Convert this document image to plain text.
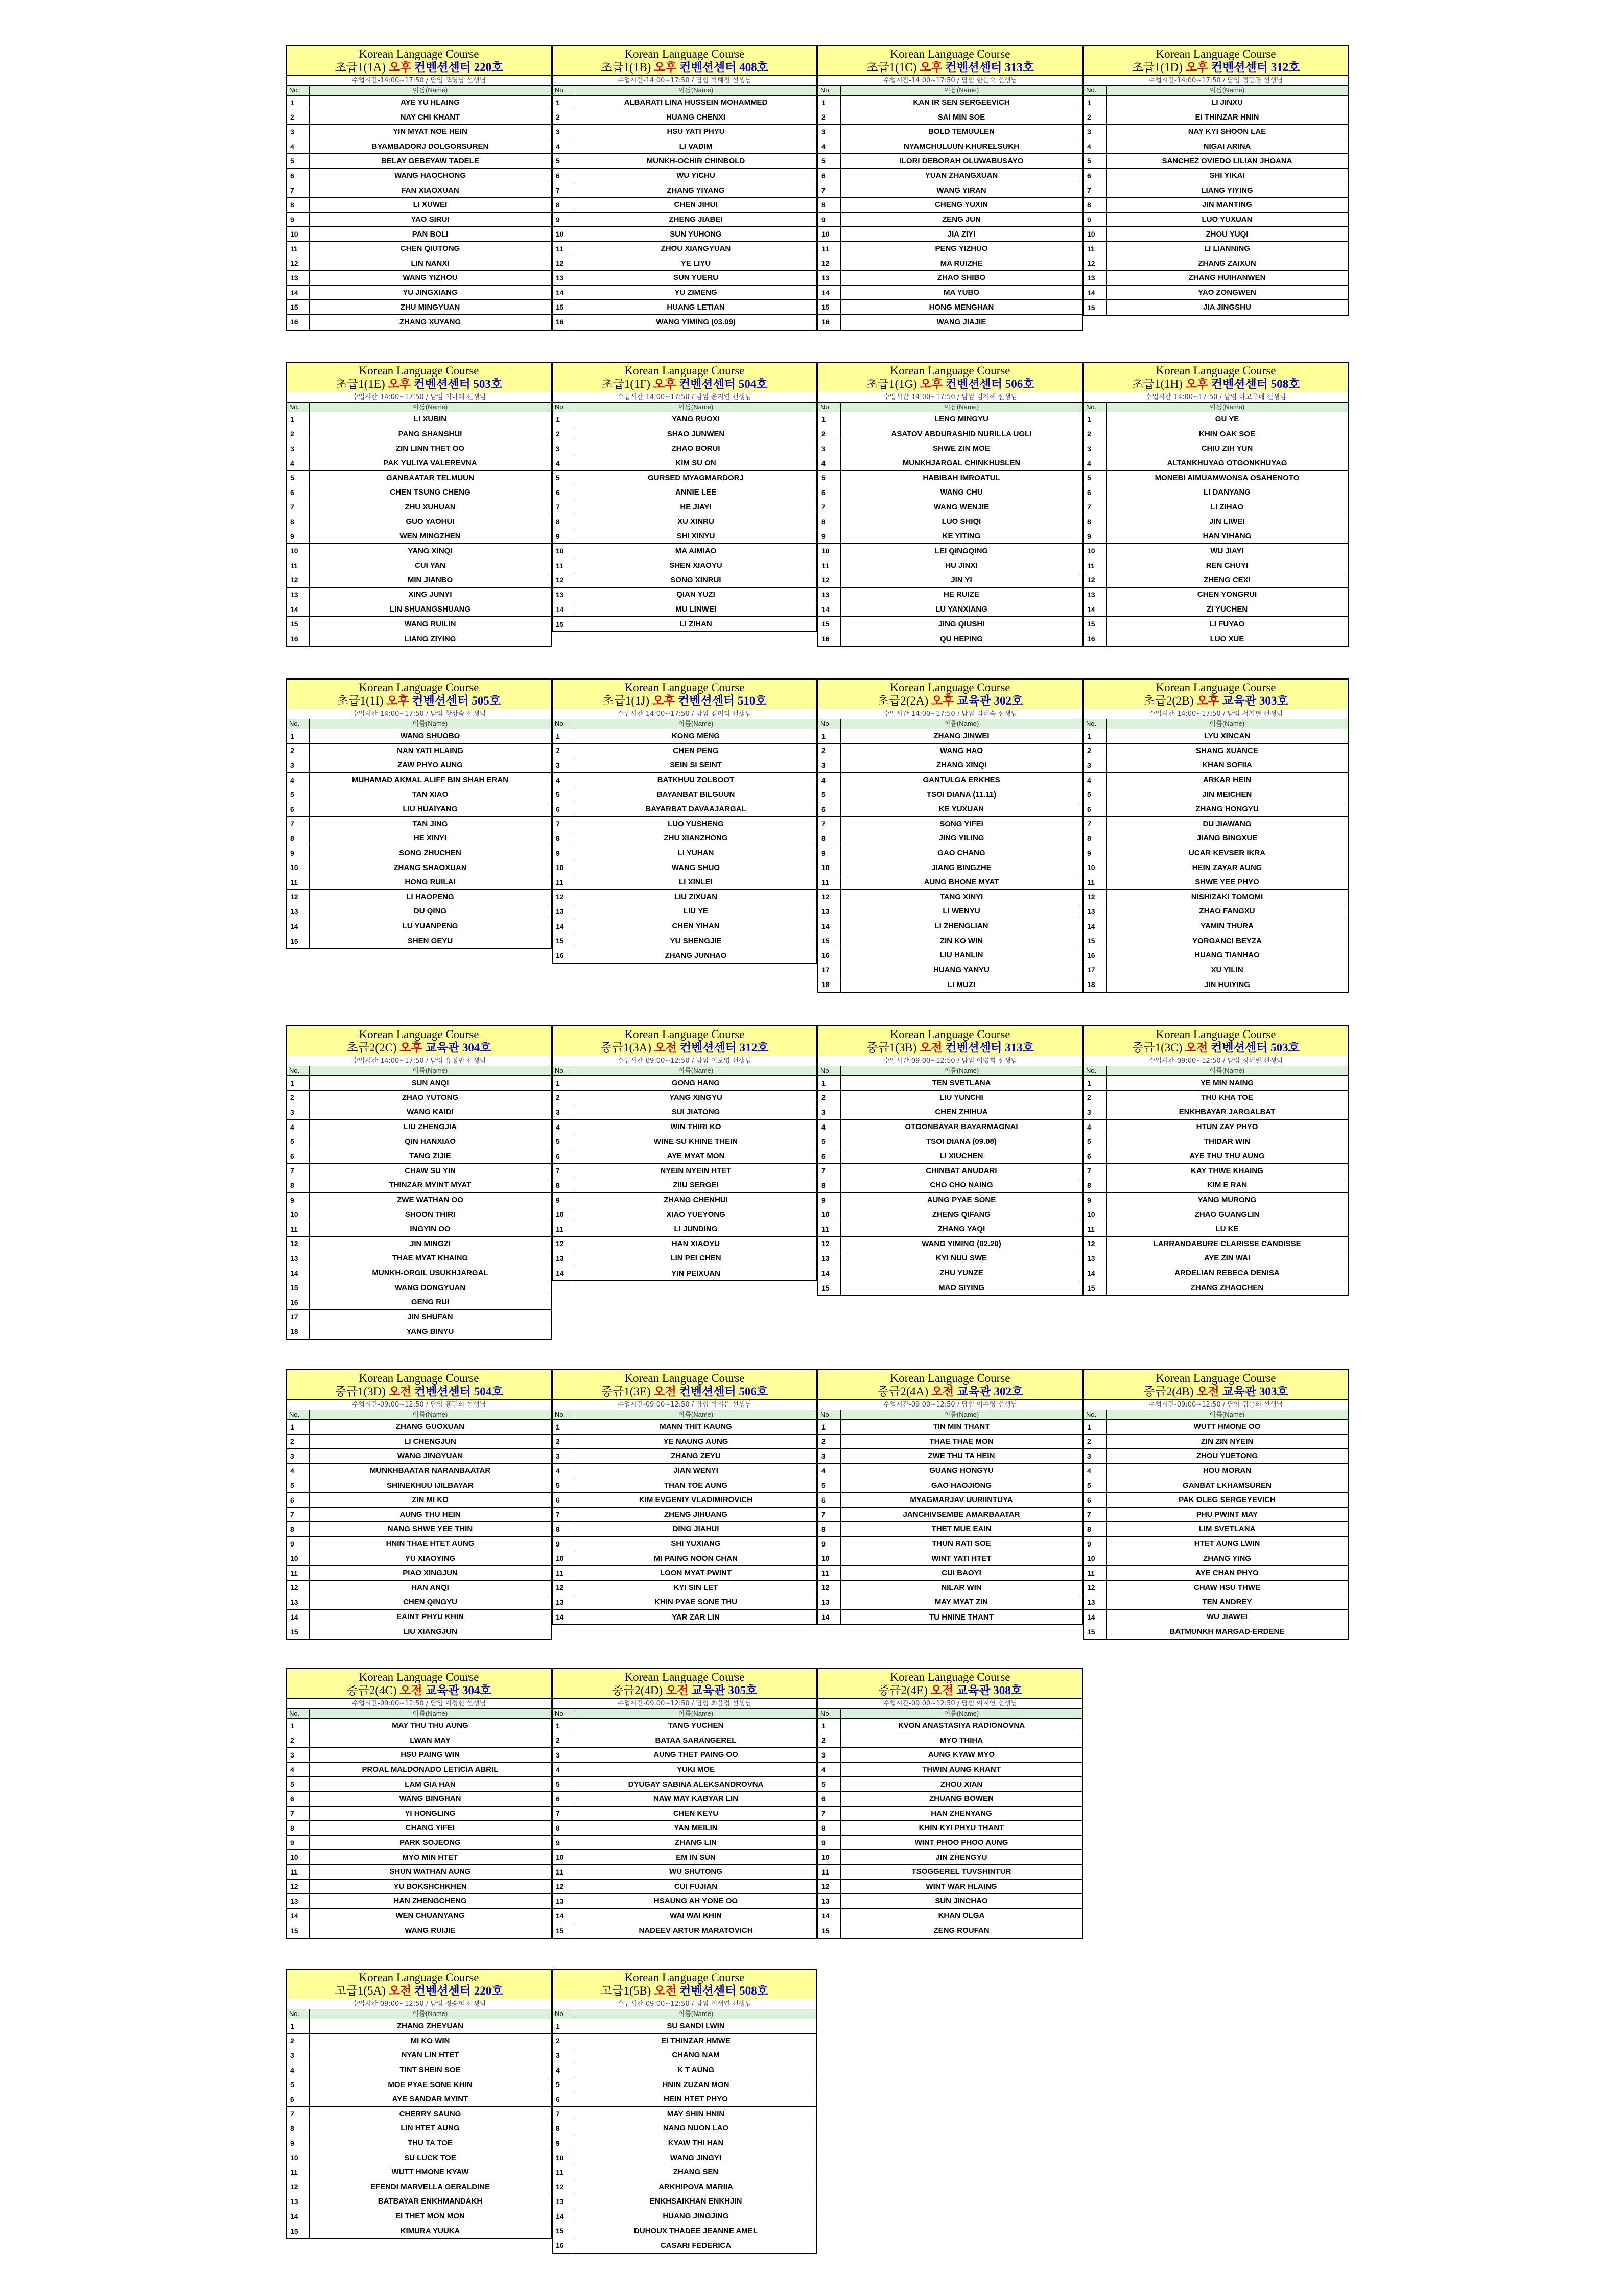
Korean Language Course
초급1(1A) 오후 컨벤션센터 220호
수업시간-14:00~17:50 / 담임 조영남 선생님
No.	이름(Name)
1	AYE YU HLAING
2	NAY CHI KHANT
3	YIN MYAT NOE HEIN
4	BYAMBADORJ DOLGORSUREN
5	BELAY GEBEYAW TADELE
6	WANG HAOCHONG
7	FAN XIAOXUAN
8	LI XUWEI
9	YAO SIRUI
10	PAN BOLI
11	CHEN QIUTONG
12	LIN NANXI
13	WANG YIZHOU
14	YU JINGXIANG
15	ZHU MINGYUAN
16	ZHANG XUYANG
Korean Language Course
초급1(1B) 오후 컨벤션센터 408호
수업시간-14:00~17:50 / 담임 박혜진 선생님
No.	이름(Name)
1	ALBARATI LINA HUSSEIN MOHAMMED
2	HUANG CHENXI
3	HSU YATI PHYU
4	LI VADIM
5	MUNKH-OCHIR CHINBOLD
6	WU YICHU
7	ZHANG YIYANG
8	CHEN JIHUI
9	ZHENG JIABEI
10	SUN YUHONG
11	ZHOU XIANGYUAN
12	YE LIYU
13	SUN YUERU
14	YU ZIMENG
15	HUANG LETIAN
16	WANG YIMING (03.09)
Korean Language Course
초급1(1C) 오후 컨벤션센터 313호
수업시간-14:00~17:50 / 담임 한은숙 선생님
No.	이름(Name)
1	KAN IR SEN SERGEEVICH
2	SAI MIN SOE
3	BOLD TEMUULEN
4	NYAMCHULUUN KHURELSUKH
5	ILORI DEBORAH OLUWABUSAYO
6	YUAN ZHANGXUAN
7	WANG YIRAN
8	CHENG YUXIN
9	ZENG JUN
10	JIA ZIYI
11	PENG YIZHUO
12	MA RUIZHE
13	ZHAO SHIBO
14	MA YUBO
15	HONG MENGHAN
16	WANG JIAJIE
Korean Language Course
초급1(1D) 오후 컨벤션센터 312호
수업시간-14:00~17:50 / 담임 정민경 선생님
No.	이름(Name)
1	LI JINXU
2	EI THINZAR HNIN
3	NAY KYI SHOON LAE
4	NIGAI ARINA
5	SANCHEZ OVIEDO LILIAN JHOANA
6	SHI YIKAI
7	LIANG YIYING
8	JIN MANTING
9	LUO YUXUAN
10	ZHOU YUQI
11	LI LIANNING
12	ZHANG ZAIXUN
13	ZHANG HUIHANWEN
14	YAO ZONGWEN
15	JIA JINGSHU
Korean Language Course
초급1(1E) 오후 컨벤션센터 503호
수업시간-14:00~17:50 / 담임 이나래 선생님
No.	이름(Name)
1	LI XUBIN
2	PANG SHANSHUI
3	ZIN LINN THET OO
4	PAK YULIYA VALEREVNA
5	GANBAATAR TELMUUN
6	CHEN TSUNG CHENG
7	ZHU XUHUAN
8	GUO YAOHUI
9	WEN MINGZHEN
10	YANG XINQI
11	CUI YAN
12	MIN JIANBO
13	XING JUNYI
14	LIN SHUANGSHUANG
15	WANG RUILIN
16	LIANG ZIYING
Korean Language Course
초급1(1F) 오후 컨벤션센터 504호
수업시간-14:00~17:50 / 담임 윤지연 선생님
No.	이름(Name)
1	YANG RUOXI
2	SHAO JUNWEN
3	ZHAO BORUI
4	KIM SU ON
5	GURSED MYAGMARDORJ
6	ANNIE LEE
7	HE JIAYI
8	XU XINRU
9	SHI XINYU
10	MA AIMIAO
11	SHEN XIAOYU
12	SONG XINRUI
13	QIAN YUZI
14	MU LINWEI
15	LI ZIHAN
Korean Language Course
초급1(1G) 오후 컨벤션센터 506호
수업시간-14:00~17:50 / 담임 김지혜 선생님
No.	이름(Name)
1	LENG MINGYU
2	ASATOV ABDURASHID NURILLA UGLI
3	SHWE ZIN MOE
4	MUNKHJARGAL CHINKHUSLEN
5	HABIBAH IMROATUL
6	WANG CHU
7	WANG WENJIE
8	LUO SHIQI
9	KE YITING
10	LEI QINGQING
11	HU JINXI
12	JIN YI
13	HE RUIZE
14	LU YANXIANG
15	JING QIUSHI
16	QU HEPING
Korean Language Course
초급1(1H) 오후 컨벤션센터 508호
수업시간-14:00~17:50 / 담임 하고우네 선생님
No.	이름(Name)
1	GU YE
2	KHIN OAK SOE
3	CHIU ZIH YUN
4	ALTANKHUYAG OTGONKHUYAG
5	MONEBI AIMUAMWONSA OSAHENOTO
6	LI DANYANG
7	LI ZIHAO
8	JIN LIWEI
9	HAN YIHANG
10	WU JIAYI
11	REN CHUYI
12	ZHENG CEXI
13	CHEN YONGRUI
14	ZI YUCHEN
15	LI FUYAO
16	LUO XUE
Korean Language Course
초급1(1I) 오후 컨벤션센터 505호
수업시간-14:00~17:50 / 담임 황상숙 선생님
No.	이름(Name)
1	WANG SHUOBO
2	NAN YATI HLAING
3	ZAW PHYO AUNG
4	MUHAMAD AKMAL ALIFF BIN SHAH ERAN
5	TAN XIAO
6	LIU HUAIYANG
7	TAN JING
8	HE XINYI
9	SONG ZHUCHEN
10	ZHANG SHAOXUAN
11	HONG RUILAI
12	LI HAOPENG
13	DU QING
14	LU YUANPENG
15	SHEN GEYU
Korean Language Course
초급1(1J) 오후 컨벤션센터 510호
수업시간-14:00~17:50 / 담임 김미리 선생님
No.	이름(Name)
1	KONG MENG
2	CHEN PENG
3	SEIN SI SEINT
4	BATKHUU ZOLBOOT
5	BAYANBAT BILGUUN
6	BAYARBAT DAVAAJARGAL
7	LUO YUSHENG
8	ZHU XIANZHONG
9	LI YUHAN
10	WANG SHUO
11	LI XINLEI
12	LIU ZIXUAN
13	LIU YE
14	CHEN YIHAN
15	YU SHENGJIE
16	ZHANG JUNHAO
Korean Language Course
초급2(2A) 오후 교육관 302호
수업시간-14:00~17:50 / 담임 김혜숙 선생님
No.	이름(Name)
1	ZHANG JINWEI
2	WANG HAO
3	ZHANG XINQI
4	GANTULGA ERKHES
5	TSOI DIANA (11.11)
6	KE YUXUAN
7	SONG YIFEI
8	JING YILING
9	GAO CHANG
10	JIANG BINGZHE
11	AUNG BHONE MYAT
12	TANG XINYI
13	LI WENYU
14	LI ZHENGLIAN
15	ZIN KO WIN
16	LIU HANLIN
17	HUANG YANYU
18	LI MUZI
Korean Language Course
초급2(2B) 오후 교육관 303호
수업시간-14:00~17:50 / 담임 서지현 선생님
No.	이름(Name)
1	LYU XINCAN
2	SHANG XUANCE
3	KHAN SOFIIA
4	ARKAR HEIN
5	JIN MEICHEN
6	ZHANG HONGYU
7	DU JIAWANG
8	JIANG BINGXUE
9	UCAR KEVSER IKRA
10	HEIN ZAYAR AUNG
11	SHWE YEE PHYO
12	NISHIZAKI TOMOMI
13	ZHAO FANGXU
14	YAMIN THURA
15	YORGANCI BEYZA
16	HUANG TIANHAO
17	XU YILIN
18	JIN HUIYING
Korean Language Course
초급2(2C) 오후 교육관 304호
수업시간-14:00~17:50 / 담임 유정민 선생님
No.	이름(Name)
1	SUN ANQI
2	ZHAO YUTONG
3	WANG KAIDI
4	LIU ZHENGJIA
5	QIN HANXIAO
6	TANG ZIJIE
7	CHAW SU YIN
8	THINZAR MYINT MYAT
9	ZWE WATHAN OO
10	SHOON THIRI
11	INGYIN OO
12	JIN MINGZI
13	THAE MYAT KHAING
14	MUNKH-ORGIL USUKHJARGAL
15	WANG DONGYUAN
16	GENG RUI
17	JIN SHUFAN
18	YANG BINYU
Korean Language Course
중급1(3A) 오전 컨벤션센터 312호
수업시간-09:00~12:50 / 담임 이보영 선생님
No.	이름(Name)
1	GONG HANG
2	YANG XINGYU
3	SUI JIATONG
4	WIN THIRI KO
5	WINE SU KHINE THEIN
6	AYE MYAT MON
7	NYEIN NYEIN HTET
8	ZIIU SERGEI
9	ZHANG CHENHUI
10	XIAO YUEYONG
11	LI JUNDING
12	HAN XIAOYU
13	LIN PEI CHEN
14	YIN PEIXUAN
Korean Language Course
중급1(3B) 오전 컨벤션센터 313호
수업시간-09:00~12:50 / 담임 이영희 선생님
No.	이름(Name)
1	TEN SVETLANA
2	LIU YUNCHI
3	CHEN ZHIHUA
4	OTGONBAYAR BAYARMAGNAI
5	TSOI DIANA (09.08)
6	LI XIUCHEN
7	CHINBAT ANUDARI
8	CHO CHO NAING
9	AUNG PYAE SONE
10	ZHENG QIFANG
11	ZHANG YAQI
12	WANG YIMING (02.20)
13	KYI NUU SWE
14	ZHU YUNZE
15	MAO SIYING
Korean Language Course
중급1(3C) 오전 컨벤션센터 503호
수업시간-09:00~12:50 / 담임 정혜린 선생님
No.	이름(Name)
1	YE MIN NAING
2	THU KHA TOE
3	ENKHBAYAR JARGALBAT
4	HTUN ZAY PHYO
5	THIDAR WIN
6	AYE THU THU AUNG
7	KAY THWE KHAING
8	KIM E RAN
9	YANG MURONG
10	ZHAO GUANGLIN
11	LU KE
12	LARRANDABURE CLARISSE CANDISSE
13	AYE ZIN WAI
14	ARDELIAN REBECA DENISA
15	ZHANG ZHAOCHEN
Korean Language Course
중급1(3D) 오전 컨벤션센터 504호
수업시간-09:00~12:50 / 담임 홍민희 선생님
No.	이름(Name)
1	ZHANG GUOXUAN
2	LI CHENGJUN
3	WANG JINGYUAN
4	MUNKHBAATAR NARANBAATAR
5	SHINEKHUU IJILBAYAR
6	ZIN MI KO
7	AUNG THU HEIN
8	NANG SHWE YEE THIN
9	HNIN THAE HTET AUNG
10	YU XIAOYING
11	PIAO XINGJUN
12	HAN ANQI
13	CHEN QINGYU
14	EAINT PHYU KHIN
15	LIU XIANGJUN
Korean Language Course
중급1(3E) 오전 컨벤션센터 506호
수업시간-09:00~12:50 / 담임 박지은 선생님
No.	이름(Name)
1	MANN THIT KAUNG
2	YE NAUNG AUNG
3	ZHANG ZEYU
4	JIAN WENYI
5	THAN TOE AUNG
6	KIM EVGENIY VLADIMIROVICH
7	ZHENG JIHUANG
8	DING JIAHUI
9	SHI YUXIANG
10	MI PAING NOON CHAN
11	LOON MYAT PWINT
12	KYI SIN LET
13	KHIN PYAE SONE THU
14	YAR ZAR LIN
Korean Language Course
중급2(4A) 오전 교육관 302호
수업시간-09:00~12:50 / 담임 이수영 선생님
No.	이름(Name)
1	TIN MIN THANT
2	THAE THAE MON
3	ZWE THU TA HEIN
4	GUANG HONGYU
5	GAO HAOJIONG
6	MYAGMARJAV UURIINTUYA
7	JANCHIVSEMBE AMARBAATAR
8	THET MUE EAIN
9	THUN RATI SOE
10	WINT YATI HTET
11	CUI BAOYI
12	NILAR WIN
13	MAY MYAT ZIN
14	TU HNINE THANT
Korean Language Course
중급2(4B) 오전 교육관 303호
수업시간-09:00~12:50 / 담임 김승희 선생님
No.	이름(Name)
1	WUTT HMONE OO
2	ZIN ZIN NYEIN
3	ZHOU YUETONG
4	HOU MORAN
5	GANBAT LKHAMSUREN
6	PAK OLEG SERGEYEVICH
7	PHU PWINT MAY
8	LIM SVETLANA
9	HTET AUNG LWIN
10	ZHANG YING
11	AYE CHAN PHYO
12	CHAW HSU THWE
13	TEN ANDREY
14	WU JIAWEI
15	BATMUNKH MARGAD-ERDENE
Korean Language Course
중급2(4C) 오전 교육관 304호
수업시간-09:00~12:50 / 담임 이정현 선생님
No.	이름(Name)
1	MAY THU THU AUNG
2	LWAN MAY
3	HSU PAING WIN
4	PROAL MALDONADO LETICIA ABRIL
5	LAM GIA HAN
6	WANG BINGHAN
7	YI HONGLING
8	CHANG YIFEI
9	PARK SOJEONG
10	MYO MIN HTET
11	SHUN WATHAN AUNG
12	YU BOKSHCHKHEN
13	HAN ZHENGCHENG
14	WEN CHUANYANG
15	WANG RUIJIE
Korean Language Course
중급2(4D) 오전 교육관 305호
수업시간-09:00~12:50 / 담임 최윤정 선생님
No.	이름(Name)
1	TANG YUCHEN
2	BATAA SARANGEREL
3	AUNG THET PAING OO
4	YUKI MOE
5	DYUGAY SABINA ALEKSANDROVNA
6	NAW MAY KABYAR LIN
7	CHEN KEYU
8	YAN MEILIN
9	ZHANG LIN
10	EM IN SUN
11	WU SHUTONG
12	CUI FUJIAN
13	HSAUNG AH YONE OO
14	WAI WAI KHIN
15	NADEEV ARTUR MARATOVICH
Korean Language Course
중급2(4E) 오전 교육관 308호
수업시간-09:00~12:50 / 담임 이지연 선생님
No.	이름(Name)
1	KVON ANASTASIYA RADIONOVNA
2	MYO THIHA
3	AUNG KYAW MYO
4	THWIN AUNG KHANT
5	ZHOU XIAN
6	ZHUANG BOWEN
7	HAN ZHENYANG
8	KHIN KYI PHYU THANT
9	WINT PHOO PHOO AUNG
10	JIN ZHENGYU
11	TSOGGEREL TUVSHINTUR
12	WINT WAR HLAING
13	SUN JINCHAO
14	KHAN OLGA
15	ZENG ROUFAN
Korean Language Course
고급1(5A) 오전 컨벤션센터 220호
수업시간-09:00~12:50 / 담임 정승희 선생님
No.	이름(Name)
1	ZHANG ZHEYUAN
2	MI KO WIN
3	NYAN LIN HTET
4	TINT SHEIN SOE
5	MOE PYAE SONE KHIN
6	AYE SANDAR MYINT
7	CHERRY SAUNG
8	LIN HTET AUNG
9	THU TA TOE
10	SU LUCK TOE
11	WUTT HMONE KYAW
12	EFENDI MARVELLA GERALDINE
13	BATBAYAR ENKHMANDAKH
14	EI THET MON MON
15	KIMURA YUUKA
Korean Language Course
고급1(5B) 오전 컨벤션센터 508호
수업시간-09:00~12:50 / 담임 이서연 선생님
No.	이름(Name)
1	SU SANDI LWIN
2	EI THINZAR HMWE
3	CHANG NAM
4	K T AUNG
5	HNIN ZUZAN MON
6	HEIN HTET PHYO
7	MAY SHIN HNIN
8	NANG NUON LAO
9	KYAW THI HAN
10	WANG JINGYI
11	ZHANG SEN
12	ARKHIPOVA MARIIA
13	ENKHSAIKHAN ENKHJIN
14	HUANG JINGJING
15	DUHOUX THADEE JEANNE AMEL
16	CASARI FEDERICA
